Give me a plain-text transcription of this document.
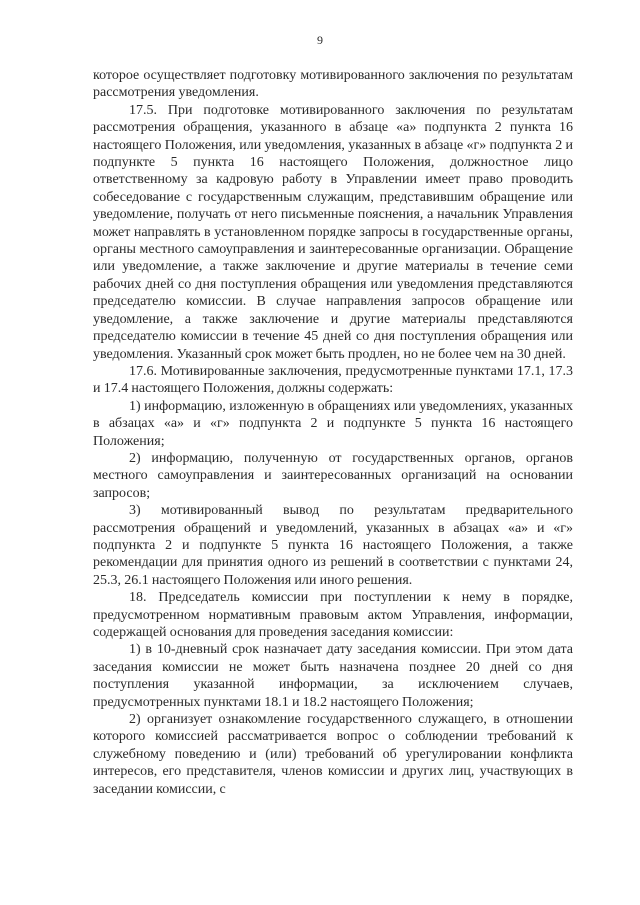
9

которое осуществляет подготовку мотивированного заключения по результатам рассмотрения уведомления.

17.5. При подготовке мотивированного заключения по результатам рассмотрения обращения, указанного в абзаце «а» подпункта 2 пункта 16 настоящего Положения, или уведомления, указанных в абзаце «г» подпункта 2 и подпункте 5 пункта 16 настоящего Положения, должностное лицо ответственному за кадровую работу в Управлении имеет право проводить собеседование с государственным служащим, представившим обращение или уведомление, получать от него письменные пояснения, а начальник Управления может направлять в установленном порядке запросы в государственные органы, органы местного самоуправления и заинтересованные организации. Обращение или уведомление, а также заключение и другие материалы в течение семи рабочих дней со дня поступления обращения или уведомления представляются председателю комиссии. В случае направления запросов обращение или уведомление, а также заключение и другие материалы представляются председателю комиссии в течение 45 дней со дня поступления обращения или уведомления. Указанный срок может быть продлен, но не более чем на 30 дней.

17.6. Мотивированные заключения, предусмотренные пунктами 17.1, 17.3 и 17.4 настоящего Положения, должны содержать:

1) информацию, изложенную в обращениях или уведомлениях, указанных в абзацах «а» и «г» подпункта 2 и подпункте 5 пункта 16 настоящего Положения;

2) информацию, полученную от государственных органов, органов местного самоуправления и заинтересованных организаций на основании запросов;

3) мотивированный вывод по результатам предварительного рассмотрения обращений и уведомлений, указанных в абзацах «а» и «г» подпункта 2 и подпункте 5 пункта 16 настоящего Положения, а также рекомендации для принятия одного из решений в соответствии с пунктами 24, 25.3, 26.1 настоящего Положения или иного решения.

18. Председатель комиссии при поступлении к нему в порядке, предусмотренном нормативным правовым актом Управления, информации, содержащей основания для проведения заседания комиссии:

1) в 10-дневный срок назначает дату заседания комиссии. При этом дата заседания комиссии не может быть назначена позднее 20 дней со дня поступления указанной информации, за исключением случаев, предусмотренных пунктами 18.1 и 18.2 настоящего Положения;

2) организует ознакомление государственного служащего, в отношении которого комиссией рассматривается вопрос о соблюдении требований к служебному поведению и (или) требований об урегулировании конфликта интересов, его представителя, членов комиссии и других лиц, участвующих в заседании комиссии, с
